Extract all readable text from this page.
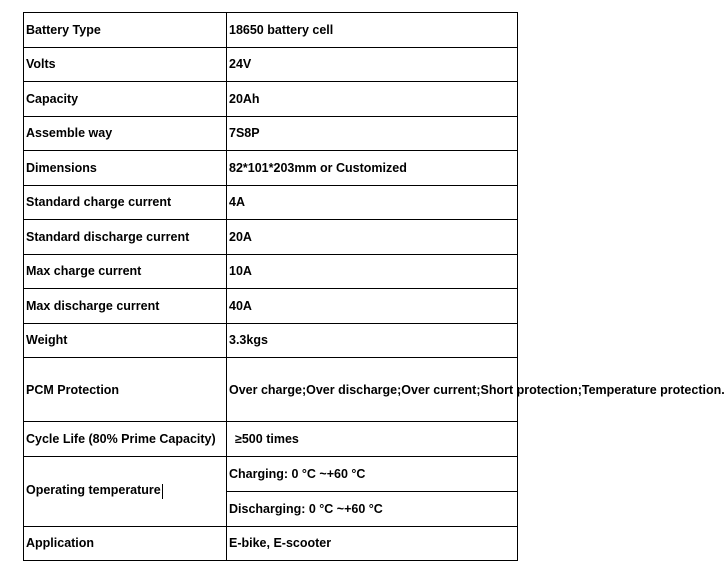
Battery Type	18650 battery cell
Volts	24V
Capacity	20Ah
Assemble way	7S8P
Dimensions	82*101*203mm or Customized
Standard charge current	4A
Standard discharge current	20A
Max charge current	10A
Max discharge current	40A
Weight	3.3kgs
PCM Protection	Over charge;Over discharge;Over current;Short protection;Temperature protection.
Cycle Life (80% Prime Capacity)	≥500 times
Operating temperature	Charging: 0 °C ~+60 °C
	Discharging: 0 °C ~+60 °C
Application	E-bike, E-scooter
